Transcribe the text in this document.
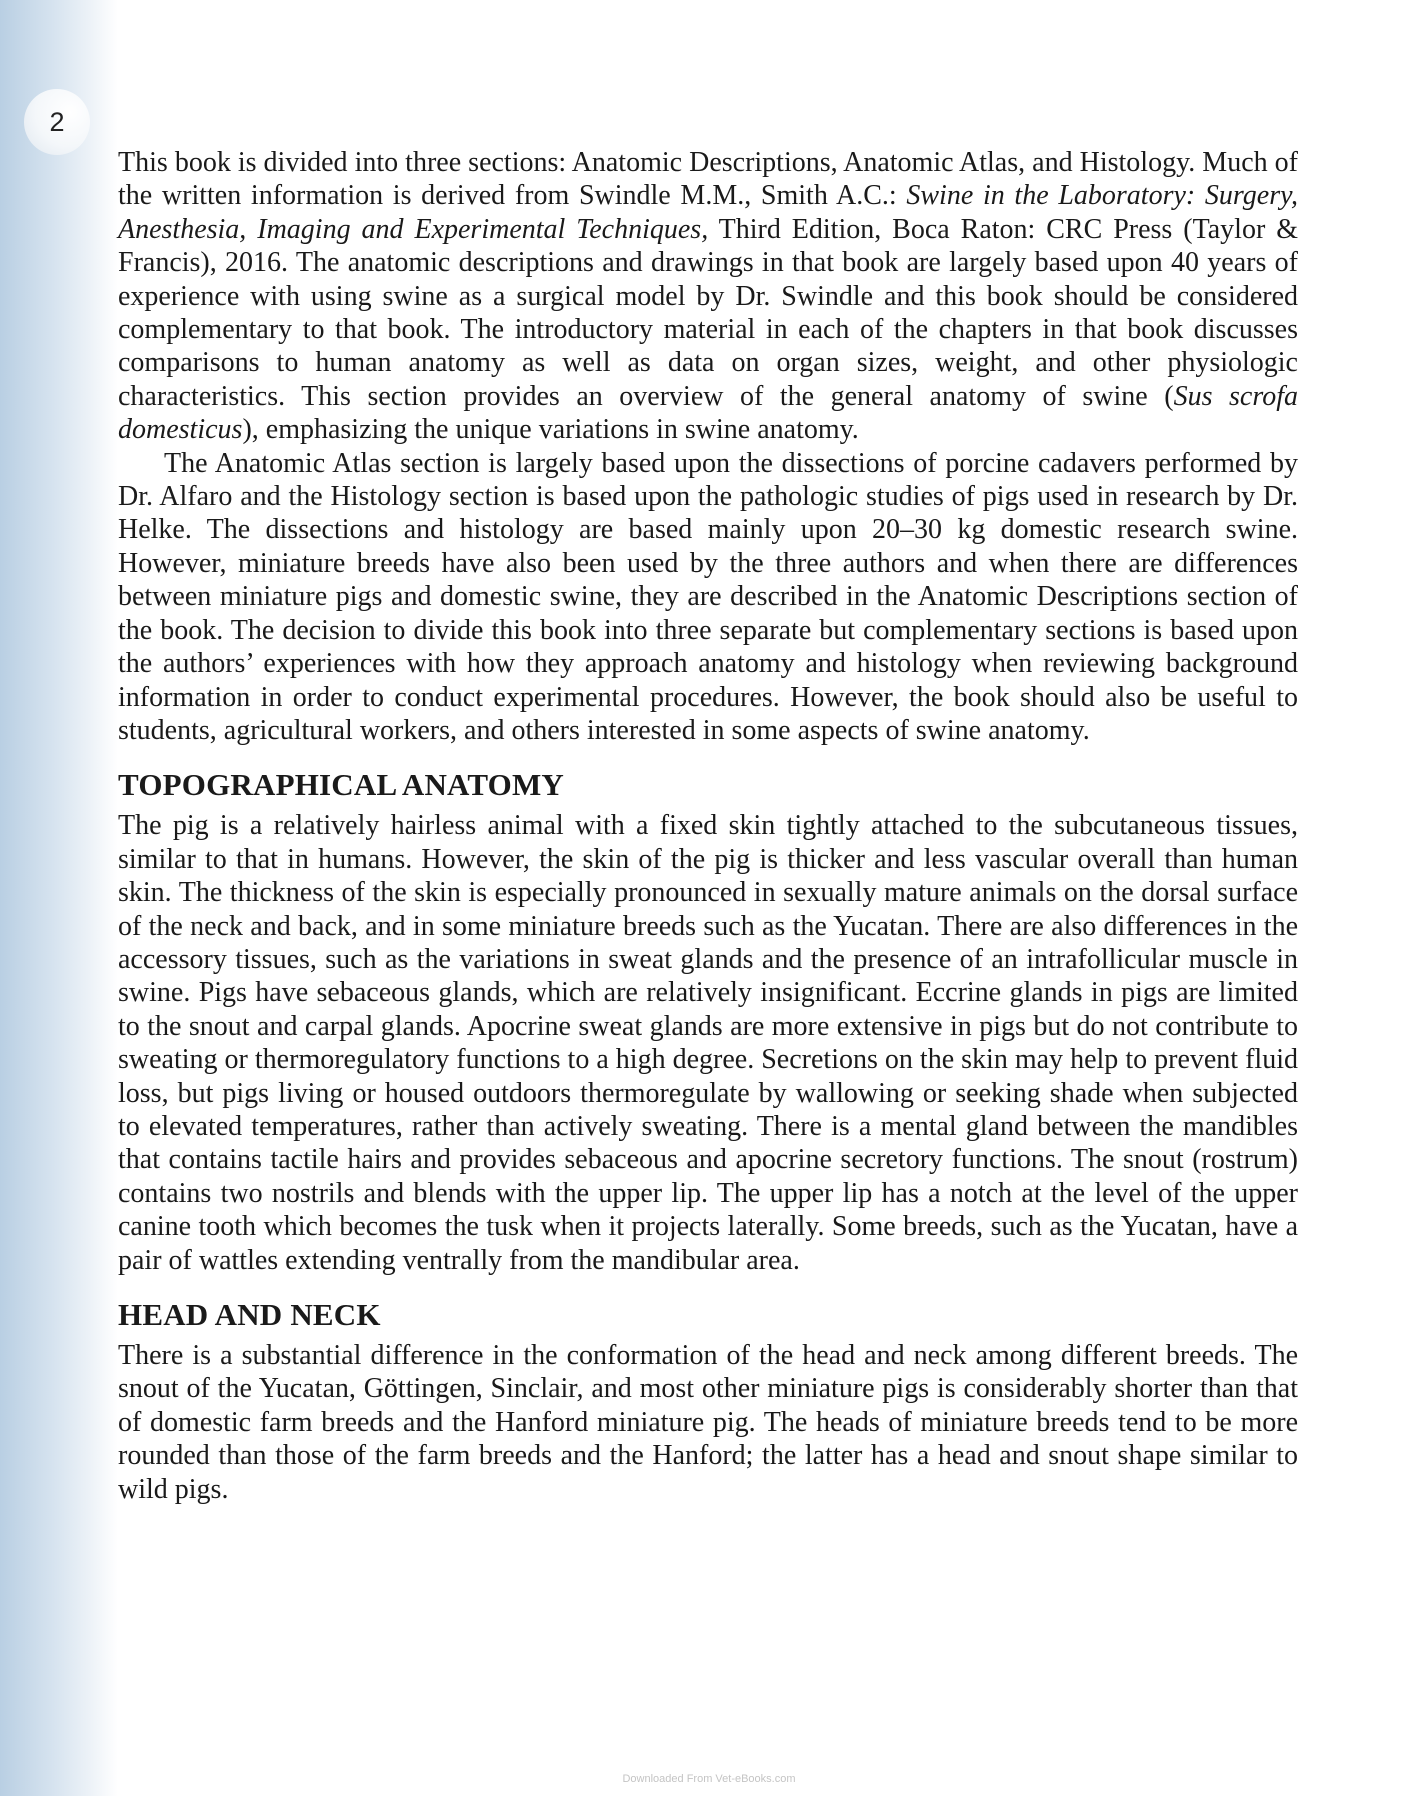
2

This book is divided into three sections: Anatomic Descriptions, Anatomic Atlas, and Histology. Much of the written information is derived from Swindle M.M., Smith A.C.: Swine in the Laboratory: Surgery, Anesthesia, Imaging and Experimental Techniques, Third Edition, Boca Raton: CRC Press (Taylor & Francis), 2016. The anatomic descriptions and drawings in that book are largely based upon 40 years of experience with using swine as a surgical model by Dr. Swindle and this book should be considered complementary to that book. The introductory material in each of the chapters in that book discusses comparisons to human anatomy as well as data on organ sizes, weight, and other physiologic characteristics. This section provides an overview of the general anatomy of swine (Sus scrofa domesticus), emphasizing the unique variations in swine anatomy.

The Anatomic Atlas section is largely based upon the dissections of porcine cadavers performed by Dr. Alfaro and the Histology section is based upon the pathologic studies of pigs used in research by Dr. Helke. The dissections and histology are based mainly upon 20–30 kg domestic research swine. However, miniature breeds have also been used by the three authors and when there are differences between miniature pigs and domestic swine, they are described in the Anatomic Descriptions section of the book. The decision to divide this book into three separate but complementary sections is based upon the authors’ experiences with how they approach anatomy and histology when reviewing background information in order to conduct experimental procedures. However, the book should also be useful to students, agricultural workers, and others interested in some aspects of swine anatomy.

TOPOGRAPHICAL ANATOMY

The pig is a relatively hairless animal with a fixed skin tightly attached to the subcutaneous tissues, similar to that in humans. However, the skin of the pig is thicker and less vascular overall than human skin. The thickness of the skin is especially pronounced in sexually mature animals on the dorsal surface of the neck and back, and in some miniature breeds such as the Yucatan. There are also differences in the accessory tissues, such as the variations in sweat glands and the presence of an intrafollicular muscle in swine. Pigs have sebaceous glands, which are relatively insignificant. Eccrine glands in pigs are limited to the snout and carpal glands. Apocrine sweat glands are more extensive in pigs but do not contribute to sweating or thermoregulatory functions to a high degree. Secretions on the skin may help to prevent fluid loss, but pigs living or housed outdoors thermoregulate by wallowing or seeking shade when subjected to elevated temperatures, rather than actively sweating. There is a mental gland between the mandibles that contains tactile hairs and provides sebaceous and apocrine secretory functions. The snout (rostrum) contains two nostrils and blends with the upper lip. The upper lip has a notch at the level of the upper canine tooth which becomes the tusk when it projects laterally. Some breeds, such as the Yucatan, have a pair of wattles extending ventrally from the mandibular area.

HEAD AND NECK

There is a substantial difference in the conformation of the head and neck among different breeds. The snout of the Yucatan, Göttingen, Sinclair, and most other miniature pigs is considerably shorter than that of domestic farm breeds and the Hanford miniature pig. The heads of miniature breeds tend to be more rounded than those of the farm breeds and the Hanford; the latter has a head and snout shape similar to wild pigs.

Downloaded From Vet-eBooks.com
